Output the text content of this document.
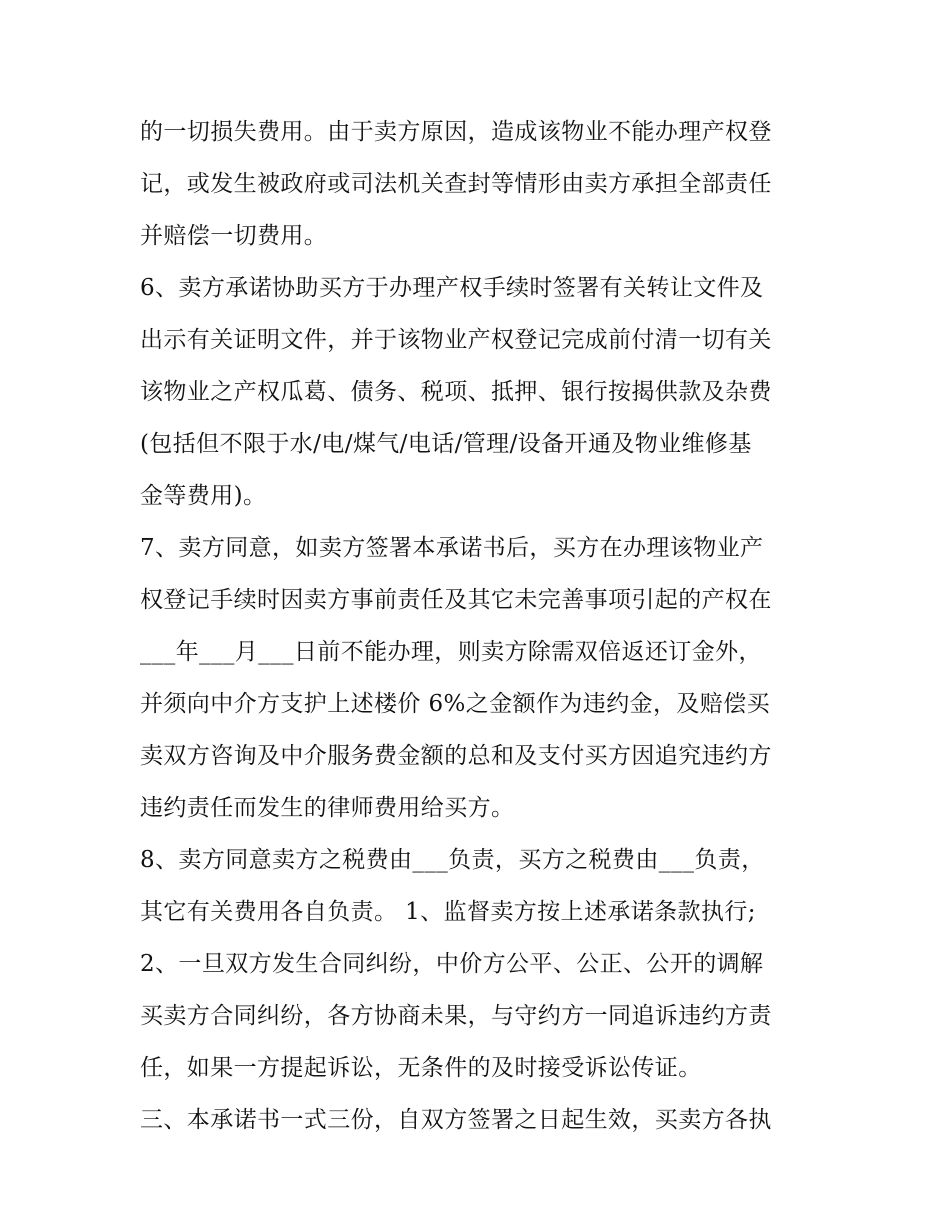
的一切损失费用。由于卖方原因，造成该物业不能办理产权登
记，或发生被政府或司法机关查封等情形由卖方承担全部责任
并赔偿一切费用。
6、卖方承诺协助买方于办理产权手续时签署有关转让文件及
出示有关证明文件，并于该物业产权登记完成前付清一切有关
该物业之产权瓜葛、债务、税项、抵押、银行按揭供款及杂费
(包括但不限于水/电/煤气/电话/管理/设备开通及物业维修基
金等费用)。
7、卖方同意，如卖方签署本承诺书后，买方在办理该物业产
权登记手续时因卖方事前责任及其它未完善事项引起的产权在
___年___月___日前不能办理，则卖方除需双倍返还订金外，
并须向中介方支护上述楼价 6%之金额作为违约金，及赔偿买
卖双方咨询及中介服务费金额的总和及支付买方因追究违约方
违约责任而发生的律师费用给买方。
8、卖方同意卖方之税费由___负责，买方之税费由___负责，
其它有关费用各自负责。 1、监督卖方按上述承诺条款执行;
2、一旦双方发生合同纠纷，中价方公平、公正、公开的调解
买卖方合同纠纷，各方协商未果，与守约方一同追诉违约方责
任，如果一方提起诉讼，无条件的及时接受诉讼传证。
三、本承诺书一式三份，自双方签署之日起生效，买卖方各执
